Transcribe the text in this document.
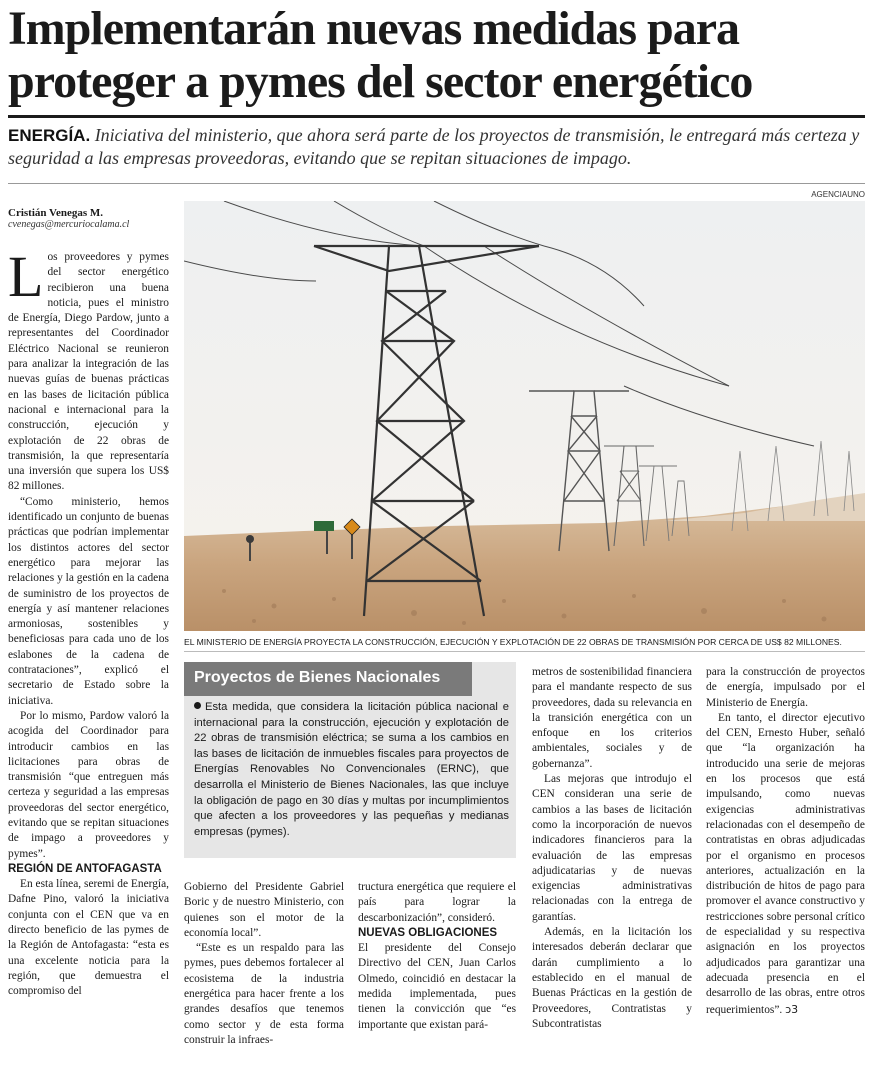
Implementarán nuevas medidas para proteger a pymes del sector energético
ENERGÍA. Iniciativa del ministerio, que ahora será parte de los proyectos de transmisión, le entregará más certeza y seguridad a las empresas proveedoras, evitando que se repitan situaciones de impago.
Cristián Venegas M.
cvenegas@mercuriocalama.cl
AGENCIAUNO
EL MINISTERIO DE ENERGÍA PROYECTA LA CONSTRUCCIÓN, EJECUCIÓN Y EXPLOTACIÓN DE 22 OBRAS DE TRANSMISIÓN POR CERCA DE US$ 82 MILLONES.

Los proveedores y pymes del sector energético recibieron una buena noticia, pues el ministro de Energía, Diego Pardow, junto a representantes del Coordinador Eléctrico Nacional se reunieron para analizar la integración de las nuevas guías de buenas prácticas en las bases de licitación pública nacional e internacional para la construcción, ejecución y explotación de 22 obras de transmisión, la que representaría una inversión que supera los US$ 82 millones.

“Como ministerio, hemos identificado un conjunto de buenas prácticas que podrían implementar los distintos actores del sector energético para mejorar las relaciones y la gestión en la cadena de suministro de los proyectos de energía y así mantener relaciones armoniosas, sostenibles y beneficiosas para cada uno de los eslabones de la cadena de contrataciones”, explicó el secretario de Estado sobre la iniciativa.

Por lo mismo, Pardow valoró la acogida del Coordinador para introducir cambios en las licitaciones para obras de transmisión “que entreguen más certeza y seguridad a las empresas proveedoras del sector energético, evitando que se repitan situaciones de impago a proveedores y pymes”.

REGIÓN DE ANTOFAGASTA

En esta línea, seremi de Energía, Dafne Pino, valoró la iniciativa conjunta con el CEN que va en directo beneficio de las pymes de la Región de Antofagasta: “esta es una excelente noticia para la región, que demuestra el compromiso del

Proyectos de Bienes Nacionales
Esta medida, que considera la licitación pública nacional e internacional para la construcción, ejecución y explotación de 22 obras de transmisión eléctrica; se suma a los cambios en las bases de licitación de inmuebles fiscales para proyectos de Energías Renovables No Convencionales (ERNC), que desarrolla el Ministerio de Bienes Nacionales, las que incluye la obligación de pago en 30 días y multas por incumplimientos que afecten a los proveedores y las pequeñas y medianas empresas (pymes).

Gobierno del Presidente Gabriel Boric y de nuestro Ministerio, con quienes son el motor de la economía local”.

“Este es un respaldo para las pymes, pues debemos fortalecer al ecosistema de la industria energética para hacer frente a los grandes desafíos que tenemos como sector y de esta forma construir la infraes-

tructura energética que requiere el país para lograr la descarbonización”, consideró.

NUEVAS OBLIGACIONES

El presidente del Consejo Directivo del CEN, Juan Carlos Olmedo, coincidió en destacar la medida implementada, pues tienen la convicción que “es importante que existan pará-

metros de sostenibilidad financiera para el mandante respecto de sus proveedores, dada su relevancia en la transición energética con un enfoque en los criterios ambientales, sociales y de gobernanza”.

Las mejoras que introdujo el CEN consideran una serie de cambios a las bases de licitación como la incorporación de nuevos indicadores financieros para la evaluación de las empresas adjudicatarias y de nuevas exigencias administrativas relacionadas con la entrega de garantías.

Además, en la licitación los interesados deberán declarar que darán cumplimiento a lo establecido en el manual de Buenas Prácticas en la gestión de Proveedores, Contratistas y Subcontratistas

para la construcción de proyectos de energía, impulsado por el Ministerio de Energía.

En tanto, el director ejecutivo del CEN, Ernesto Huber, señaló que “la organización ha introducido una serie de mejoras en los procesos que está impulsando, como nuevas exigencias administrativas relacionadas con el desempeño de contratistas en obras adjudicadas por el organismo en procesos anteriores, actualización en la distribución de hitos de pago para promover el avance constructivo y restricciones sobre personal crítico de especialidad y su respectiva asignación en los proyectos adjudicados para garantizar una adecuada presencia en el desarrollo de las obras, entre otros requerimientos”. ↄ3
